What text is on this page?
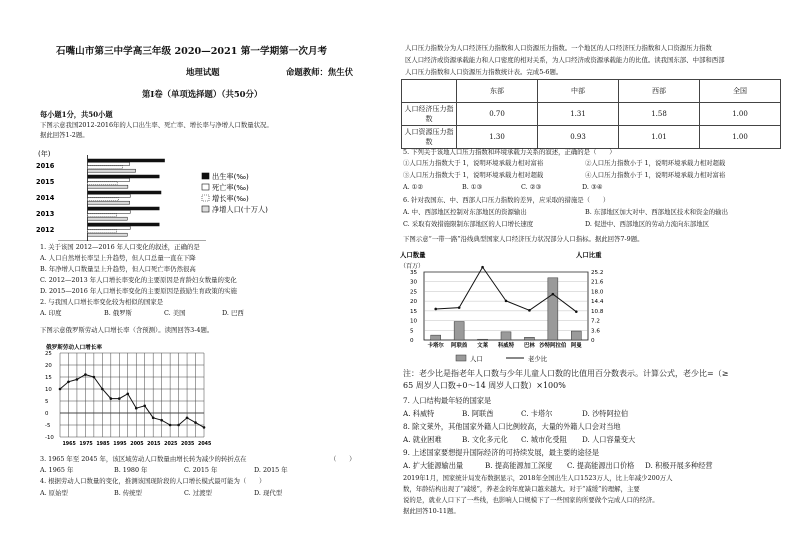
石嘴山市第三中学高三年级 2020—2021 第一学期第一次月考
地理试题	命题教师：焦生伏
第Ⅰ卷（单项选择题）（共50分）
每小题1分，共50小题
下图示意我国2012-2016年的人口出生率、死亡率、增长率与净增人口数量状况。
据此回答1-2题。
(年)
2016
2015
2014
2013
2012
出生率(‰)
死亡率(‰)
增长率(‰)
净增人口(十万人)
1. 关于该国 2012—2016 年人口变化的叙述，正确的是
A. 人口自然增长率呈上升趋势，但人口总量一直在下降
B. 年净增人口数量呈上升趋势，但人口死亡率仍然很高
C. 2012—2013 年人口增长率变化的主要原因是育龄妇女数量的变化
D. 2015—2016 年人口增长率变化的主要原因是鼓励生育政策的实施
2. 与我国人口增长率变化较为相似的国家是
A. 印度	B. 俄罗斯	C. 美国	D. 巴西
下图示意俄罗斯劳动人口增长率（含预测）。读图回答3-4题。
俄罗斯劳动人口增长率
25
20
15
10
5
0
-5
-10
1965 1975 1985 1995 2005 2015 2025 2035 2045
3. 1965 年至 2045 年，该区域劳动人口数量由增长转为减少的转折点在	（　　）
A. 1965 年	B. 1980 年	C. 2015 年	D. 2015 年
4. 根据劳动人口数量的变化，推测该国现阶段的人口增长模式最可能为（　　）
A. 原始型	B. 传统型	C. 过渡型	D. 现代型
人口压力指数分为人口经济压力指数和人口资源压力指数。一个地区的人口经济压力指数和人口资源压力指数
区人口经济或资源承载能力和人口密度的相对关系，为人口经济或资源承载能力的比值。读我国东部、中部和西部
人口压力指数和人口资源压力指数统计表。完成5-6题。
	东部	中部	西部	全国
人口经济压力指数	0.70	1.31	1.58	1.00
人口资源压力指数	1.30	0.93	1.01	1.00
5. 下列关于该地人口压力指数和环境承载力关系的叙述，正确的是（　　）
①人口压力指数大于 1，说明环境承载力相对富裕	②人口压力指数小于 1，说明环境承载力相对超载
③人口压力指数大于 1，说明环境承载力相对超载	④人口压力指数小于 1，说明环境承载力相对富裕
A. ①②	B. ①③	C. ②③	D. ③④
6. 针对我国东、中、西部人口压力指数的差异，应采取的措施是（　　）
A. 中、西部地区控制对东部地区的资源输出	B. 东部地区加大对中、西部地区技术和资金的输出
C. 采取有效措施限制东部地区的人口增长速度	D. 促进中、西部地区的劳动力流向东部地区
下图示意“一带一路”沿线典型国家人口经济压力状况部分人口指标。据此回答7-9题。
人口数量
（百万）
人口比重
35
30
25
20
15
10
5
0
25.2
21.6
18.0
14.4
10.8
7.2
3.6
0
卡塔尔 阿联酋 文莱 科威特 巴林 沙特阿拉伯 阿曼
人口	老少比
注：老少比是指老年人口数与少年儿童人口数的比值用百分数表示。计算公式，老少比=（≥
65 周岁人口数÷0～14 周岁人口数）×100%
7. 人口结构最年轻的国家是
A. 科威特	B. 阿联酋	C. 卡塔尔	D. 沙特阿拉伯
8. 除文莱外，其他国家外籍人口比例较高，大量的外籍人口会对当地
A. 就业困难	B. 文化多元化 C. 城市化受阻 D. 人口容量变大
9. 上述国家要想提升国际经济的可持续发展，最主要的途径是
A. 扩大能源输出量	B. 提高能源加工深度 C. 提高能源出口价格 D. 积极开展多种经营
2019年1月，国家统计局发布数据显示，2018年全国出生人口1523万人，比上年减少200万人
数，年龄结构出现了“减缓”，养老金的年度缺口越来越大。对于“减缓”的理解，主要
说的是，就业人口下了一些线，也影响人口规模下了一些国家的所要做个完成人口的经济。
据此回答10-11题。
